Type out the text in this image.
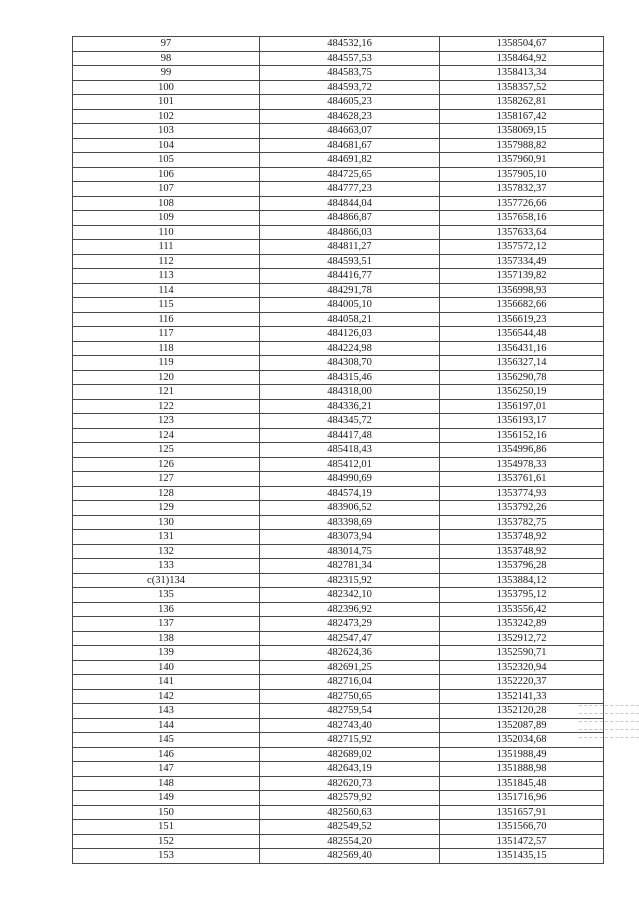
97	484532,16	1358504,67
98	484557,53	1358464,92
99	484583,75	1358413,34
100	484593,72	1358357,52
101	484605,23	1358262,81
102	484628,23	1358167,42
103	484663,07	1358069,15
104	484681,67	1357988,82
105	484691,82	1357960,91
106	484725,65	1357905,10
107	484777,23	1357832,37
108	484844,04	1357726,66
109	484866,87	1357658,16
110	484866,03	1357633,64
111	484811,27	1357572,12
112	484593,51	1357334,49
113	484416,77	1357139,82
114	484291,78	1356998,93
115	484005,10	1356682,66
116	484058,21	1356619,23
117	484126,03	1356544,48
118	484224,98	1356431,16
119	484308,70	1356327,14
120	484315,46	1356290,78
121	484318,00	1356250,19
122	484336,21	1356197,01
123	484345,72	1356193,17
124	484417,48	1356152,16
125	485418,43	1354996,86
126	485412,01	1354978,33
127	484990,69	1353761,61
128	484574,19	1353774,93
129	483906,52	1353792,26
130	483398,69	1353782,75
131	483073,94	1353748,92
132	483014,75	1353748,92
133	482781,34	1353796,28
c(31)134	482315,92	1353884,12
135	482342,10	1353795,12
136	482396,92	1353556,42
137	482473,29	1353242,89
138	482547,47	1352912,72
139	482624,36	1352590,71
140	482691,25	1352320,94
141	482716,04	1352220,37
142	482750,65	1352141,33
143	482759,54	1352120,28
144	482743,40	1352087,89
145	482715,92	1352034,68
146	482689,02	1351988,49
147	482643,19	1351888,98
148	482620,73	1351845,48
149	482579,92	1351716,96
150	482560,63	1351657,91
151	482549,52	1351566,70
152	482554,20	1351472,57
153	482569,40	1351435,15
